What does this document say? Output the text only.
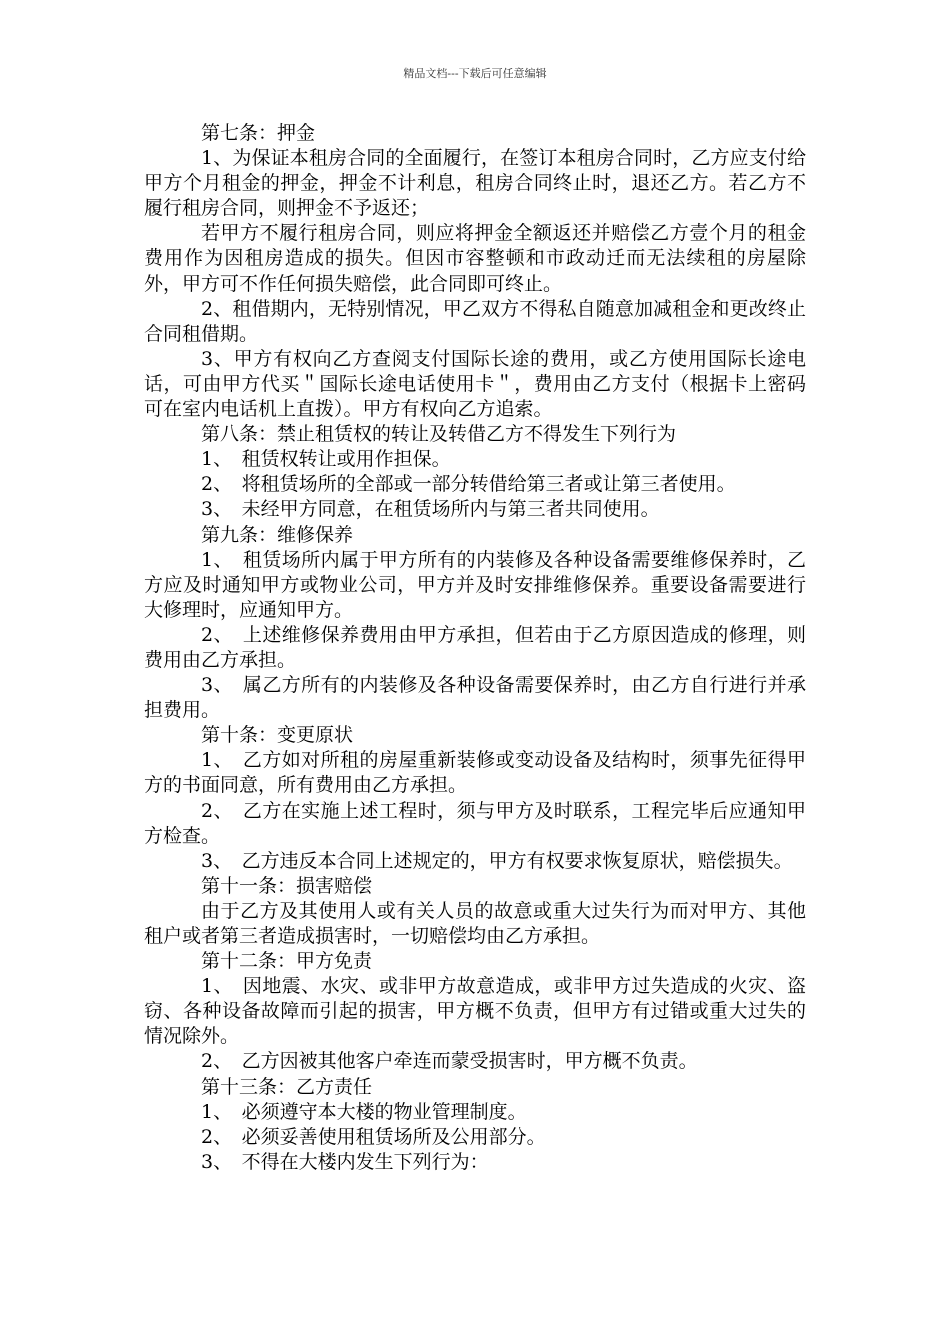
精品文档---下载后可任意编辑

第七条：押金

1、为保证本租房合同的全面履行，在签订本租房合同时，乙方应支付给甲方个月租金的押金，押金不计利息，租房合同终止时，退还乙方。若乙方不履行租房合同，则押金不予返还；

若甲方不履行租房合同，则应将押金全额返还并赔偿乙方壹个月的租金费用作为因租房造成的损失。但因市容整顿和市政动迁而无法续租的房屋除外，甲方可不作任何损失赔偿，此合同即可终止。

2、租借期内，无特别情况，甲乙双方不得私自随意加减租金和更改终止合同租借期。

3、甲方有权向乙方查阅支付国际长途的费用，或乙方使用国际长途电话，可由甲方代买＂国际长途电话使用卡＂，费用由乙方支付（根据卡上密码可在室内电话机上直拨）。甲方有权向乙方追索。

第八条：禁止租赁权的转让及转借乙方不得发生下列行为

1、　租赁权转让或用作担保。

2、　将租赁场所的全部或一部分转借给第三者或让第三者使用。

3、　未经甲方同意，在租赁场所内与第三者共同使用。

第九条：维修保养

1、　租赁场所内属于甲方所有的内装修及各种设备需要维修保养时，乙方应及时通知甲方或物业公司，甲方并及时安排维修保养。重要设备需要进行大修理时，应通知甲方。

2、　上述维修保养费用由甲方承担，但若由于乙方原因造成的修理，则费用由乙方承担。

3、　属乙方所有的内装修及各种设备需要保养时，由乙方自行进行并承担费用。

第十条：变更原状

1、　乙方如对所租的房屋重新装修或变动设备及结构时，须事先征得甲方的书面同意，所有费用由乙方承担。

2、　乙方在实施上述工程时，须与甲方及时联系，工程完毕后应通知甲方检查。

3、　乙方违反本合同上述规定的，甲方有权要求恢复原状，赔偿损失。

第十一条：损害赔偿

由于乙方及其使用人或有关人员的故意或重大过失行为而对甲方、其他租户或者第三者造成损害时，一切赔偿均由乙方承担。

第十二条：甲方免责

1、　因地震、水灾、或非甲方故意造成，或非甲方过失造成的火灾、盗窃、各种设备故障而引起的损害，甲方概不负责，但甲方有过错或重大过失的情况除外。

2、　乙方因被其他客户牵连而蒙受损害时，甲方概不负责。

第十三条：乙方责任

1、　必须遵守本大楼的物业管理制度。

2、　必须妥善使用租赁场所及公用部分。

3、　不得在大楼内发生下列行为：
